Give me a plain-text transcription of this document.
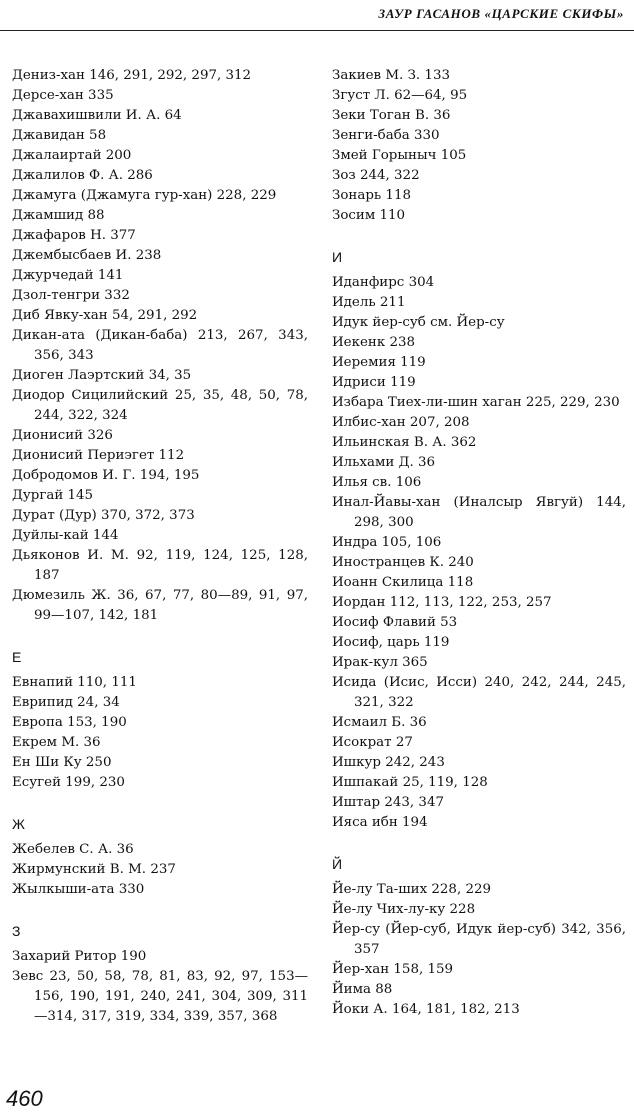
ЗАУР ГАСАНОВ «ЦАРСКИЕ СКИФЫ»
Дениз-хан 146, 291, 292, 297, 312
Дерсе-хан 335
Джавахишвили И. А. 64
Джавидан 58
Джалаиртай 200
Джалилов Ф. А. 286
Джамуга (Джамуга гур-хан) 228, 229
Джамшид 88
Джафаров Н. 377
Джембысбаев И. 238
Джурчедай 141
Дзол-тенгри 332
Диб Явку-хан 54, 291, 292
Дикан-ата (Дикан-баба) 213, 267, 343, 356, 343
Диоген Лаэртский 34, 35
Диодор Сицилийский 25, 35, 48, 50, 78, 244, 322, 324
Дионисий 326
Дионисий Периэгет 112
Добродомов И. Г. 194, 195
Дургай 145
Дурат (Дур) 370, 372, 373
Дуйлы-кай 144
Дьяконов И. М. 92, 119, 124, 125, 128, 187
Дюмезиль Ж. 36, 67, 77, 80—89, 91, 97, 99—107, 142, 181
Е
Евнапий 110, 111
Еврипид 24, 34
Европа 153, 190
Екрем М. 36
Ен Ши Ку 250
Есугей 199, 230
Ж
Жебелев С. А. 36
Жирмунский В. М. 237
Жылкыши-ата 330
З
Захарий Ритор 190
Зевс 23, 50, 58, 78, 81, 83, 92, 97, 153—156, 190, 191, 240, 241, 304, 309, 311—314, 317, 319, 334, 339, 357, 368
Закиев М. З. 133
Згуст Л. 62—64, 95
Зеки Тоган В. 36
Зенги-баба 330
Змей Горыныч 105
Зоз 244, 322
Зонарь 118
Зосим 110
И
Иданфирс 304
Идель 211
Идук йер-суб см. Йер-су
Иекенк 238
Иеремия 119
Идриси 119
Избара Тиех-ли-шин хаган 225, 229, 230
Илбис-хан 207, 208
Ильинская В. А. 362
Ильхами Д. 36
Илья св. 106
Инал-Йавы-хан (Иналсыр Явгуй) 144, 298, 300
Индра 105, 106
Иностранцев К. 240
Иоанн Скилица 118
Иордан 112, 113, 122, 253, 257
Иосиф Флавий 53
Иосиф, царь 119
Ирак-кул 365
Исида (Исис, Исси) 240, 242, 244, 245, 321, 322
Исмаил Б. 36
Исократ 27
Ишкур 242, 243
Ишпакай 25, 119, 128
Иштар 243, 347
Ияса ибн 194
Й
Йе-лу Та-ших 228, 229
Йе-лу Чих-лу-ку 228
Йер-су (Йер-суб, Идук йер-суб) 342, 356, 357
Йер-хан 158, 159
Йима 88
Йоки А. 164, 181, 182, 213
460
